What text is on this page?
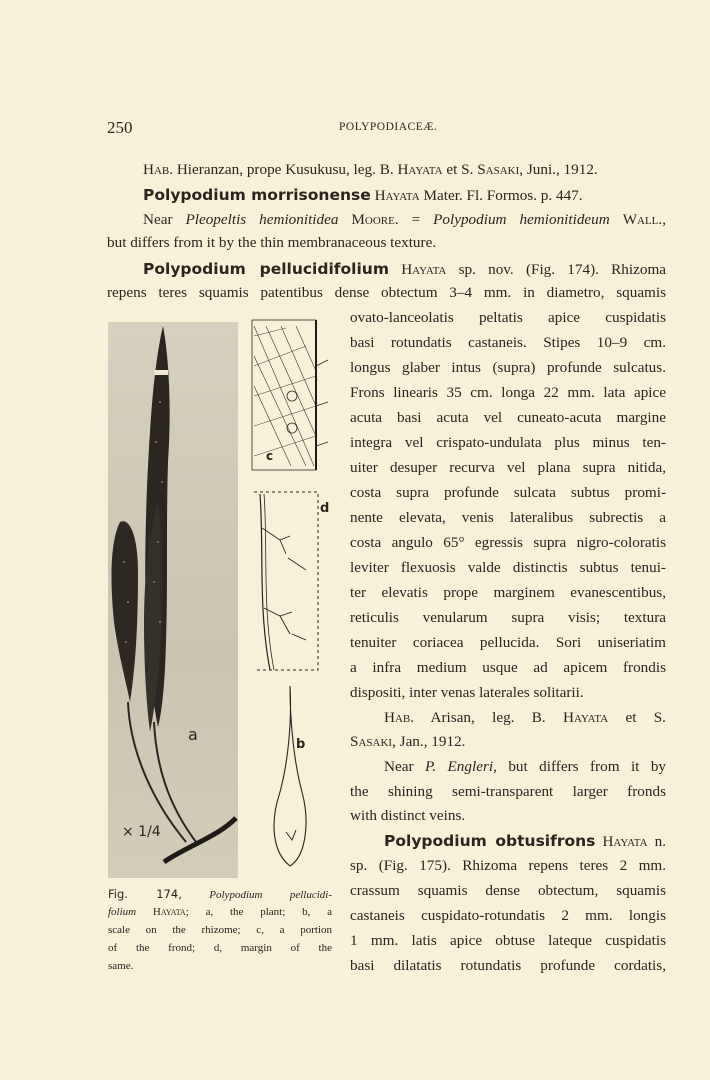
250	POLYPODIACEÆ.
Hab. Hieranzan, prope Kusukusu, leg. B. Hayata et S. Sasaki, Juni., 1912.
Polypodium morrisonense Hayata Mater. Fl. Formos. p. 447.
Near Pleopeltis hemionitidea Moore. = Polypodium hemionitideum Wall.,
but differs from it by the thin membranaceous texture.
Polypodium pellucidifolium Hayata sp. nov. (Fig. 174). Rhizoma
repens teres squamis patentibus dense obtectum 3–4 mm. in diametro, squamis
ovato-lanceolatis peltatis apice cuspidatis
basi rotundatis castaneis. Stipes 10–9 cm.
longus glaber intus (supra) profunde sulcatus.
Frons linearis 35 cm. longa 22 mm. lata apice
acuta basi acuta vel cuneato-acuta margine
integra vel crispato-undulata plus minus ten-
uiter desuper recurva vel plana supra nitida,
costa supra profunde sulcata subtus promi-
nente elevata, venis lateralibus subrectis a
costa angulo 65° egressis supra nigro-coloratis
leviter flexuosis valde distinctis subtus tenui-
ter elevatis prope marginem evanescentibus,
reticulis venularum supra visis; textura
tenuiter coriacea pellucida. Sori uniseriatim
a infra medium usque ad apicem frondis
dispositi, inter venas laterales solitarii.
Hab. Arisan, leg. B. Hayata et S.
Sasaki, Jan., 1912.
Near P. Engleri, but differs from it by
the shining semi-transparent larger fronds
with distinct veins.
Polypodium obtusifrons Hayata n.
sp. (Fig. 175). Rhizoma repens teres 2 mm.
crassum squamis dense obtectum, squamis
castaneis cuspidato-rotundatis 2 mm. longis
1 mm. latis apice obtuse lateque cuspidatis
basi dilatatis rotundatis profunde cordatis,
a
× 1/4
c
d
b
Fig. 174, Polypodium pellucidi-
folium Hayata; a, the plant; b, a
scale on the rhizome; c, a portion
of the frond; d, margin of the
same.
